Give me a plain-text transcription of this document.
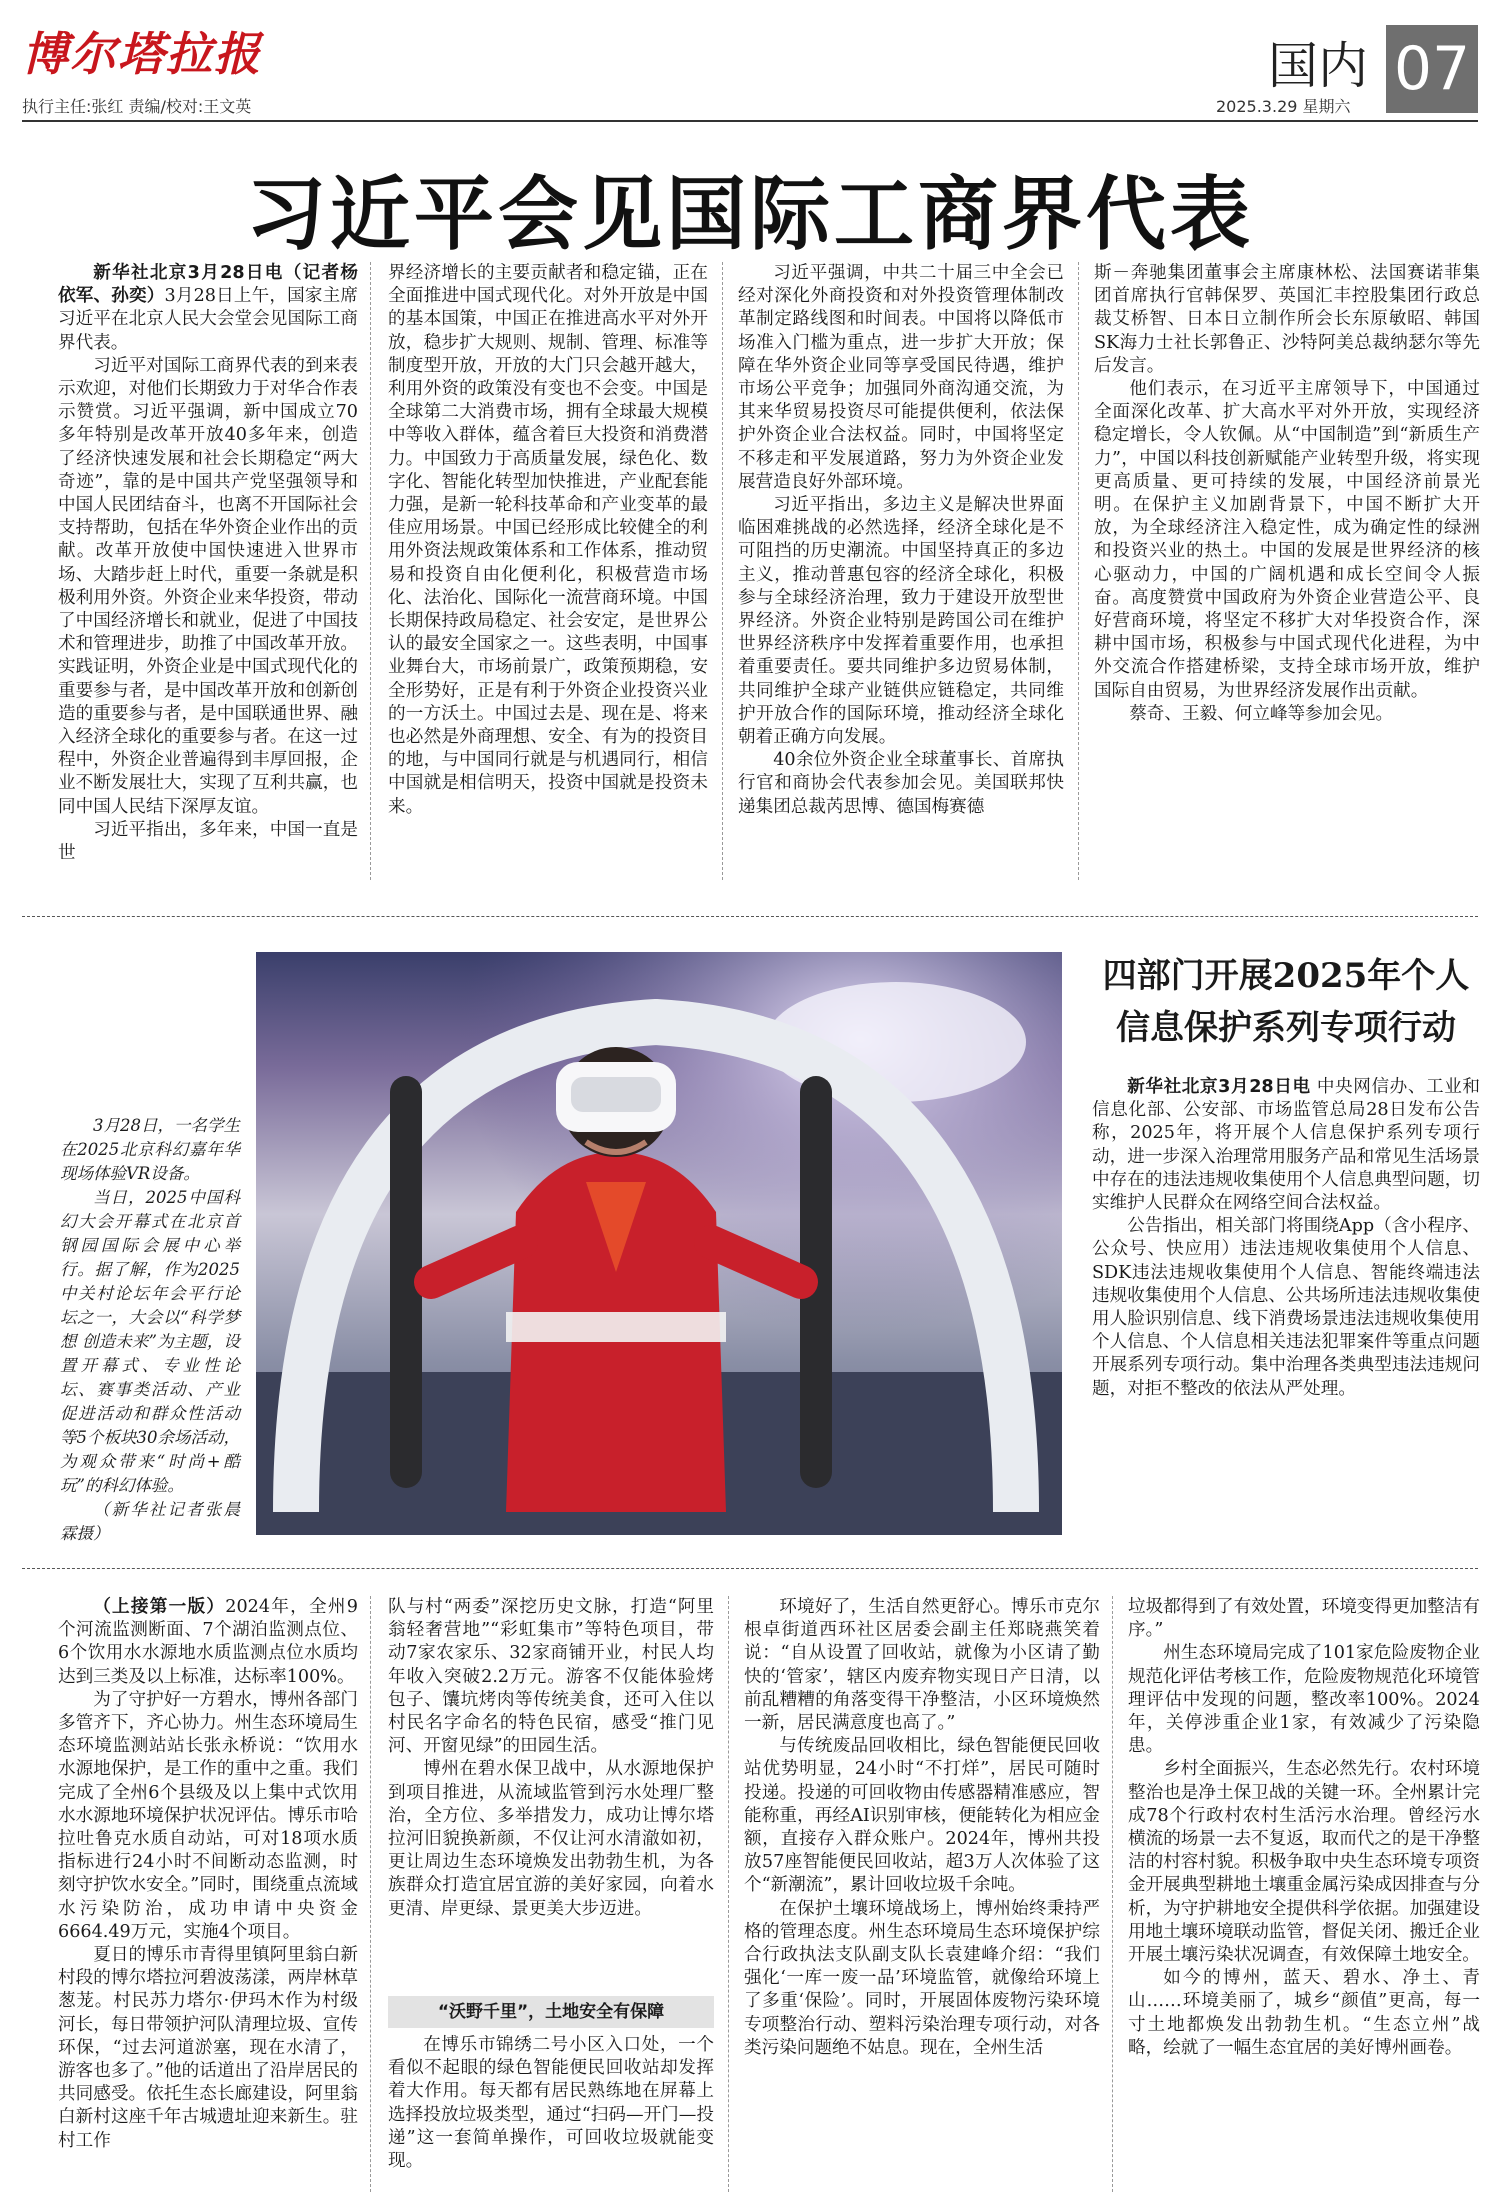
博尔塔拉报
执行主任:张红 责编/校对:王文英	2025.3.29 星期六
国内 07
习近平会见国际工商界代表

新华社北京3月28日电（记者杨依军、孙奕）3月28日上午，国家主席习近平在北京人民大会堂会见国际工商界代表。

习近平对国际工商界代表的到来表示欢迎，对他们长期致力于对华合作表示赞赏。习近平强调，新中国成立70多年特别是改革开放40多年来，创造了经济快速发展和社会长期稳定“两大奇迹”，靠的是中国共产党坚强领导和中国人民团结奋斗，也离不开国际社会支持帮助，包括在华外资企业作出的贡献。改革开放使中国快速进入世界市场、大踏步赶上时代，重要一条就是积极利用外资。外资企业来华投资，带动了中国经济增长和就业，促进了中国技术和管理进步，助推了中国改革开放。实践证明，外资企业是中国式现代化的重要参与者，是中国改革开放和创新创造的重要参与者，是中国联通世界、融入经济全球化的重要参与者。在这一过程中，外资企业普遍得到丰厚回报，企业不断发展壮大，实现了互利共赢，也同中国人民结下深厚友谊。

习近平指出，多年来，中国一直是世

界经济增长的主要贡献者和稳定锚，正在全面推进中国式现代化。对外开放是中国的基本国策，中国正在推进高水平对外开放，稳步扩大规则、规制、管理、标准等制度型开放，开放的大门只会越开越大，利用外资的政策没有变也不会变。中国是全球第二大消费市场，拥有全球最大规模中等收入群体，蕴含着巨大投资和消费潜力。中国致力于高质量发展，绿色化、数字化、智能化转型加快推进，产业配套能力强，是新一轮科技革命和产业变革的最佳应用场景。中国已经形成比较健全的利用外资法规政策体系和工作体系，推动贸易和投资自由化便利化，积极营造市场化、法治化、国际化一流营商环境。中国长期保持政局稳定、社会安定，是世界公认的最安全国家之一。这些表明，中国事业舞台大，市场前景广，政策预期稳，安全形势好，正是有利于外资企业投资兴业的一方沃土。中国过去是、现在是、将来也必然是外商理想、安全、有为的投资目的地，与中国同行就是与机遇同行，相信中国就是相信明天，投资中国就是投资未来。

习近平强调，中共二十届三中全会已经对深化外商投资和对外投资管理体制改革制定路线图和时间表。中国将以降低市场准入门槛为重点，进一步扩大开放；保障在华外资企业同等享受国民待遇，维护市场公平竞争；加强同外商沟通交流，为其来华贸易投资尽可能提供便利，依法保护外资企业合法权益。同时，中国将坚定不移走和平发展道路，努力为外资企业发展营造良好外部环境。

习近平指出，多边主义是解决世界面临困难挑战的必然选择，经济全球化是不可阻挡的历史潮流。中国坚持真正的多边主义，推动普惠包容的经济全球化，积极参与全球经济治理，致力于建设开放型世界经济。外资企业特别是跨国公司在维护世界经济秩序中发挥着重要作用，也承担着重要责任。要共同维护多边贸易体制，共同维护全球产业链供应链稳定，共同维护开放合作的国际环境，推动经济全球化朝着正确方向发展。

40余位外资企业全球董事长、首席执行官和商协会代表参加会见。美国联邦快递集团总裁芮思博、德国梅赛德

斯－奔驰集团董事会主席康林松、法国赛诺菲集团首席执行官韩保罗、英国汇丰控股集团行政总裁艾桥智、日本日立制作所会长东原敏昭、韩国SK海力士社长郭鲁正、沙特阿美总裁纳瑟尔等先后发言。

他们表示，在习近平主席领导下，中国通过全面深化改革、扩大高水平对外开放，实现经济稳定增长，令人钦佩。从“中国制造”到“新质生产力”，中国以科技创新赋能产业转型升级，将实现更高质量、更可持续的发展，中国经济前景光明。在保护主义加剧背景下，中国不断扩大开放，为全球经济注入稳定性，成为确定性的绿洲和投资兴业的热土。中国的发展是世界经济的核心驱动力，中国的广阔机遇和成长空间令人振奋。高度赞赏中国政府为外资企业营造公平、良好营商环境，将坚定不移扩大对华投资合作，深耕中国市场，积极参与中国式现代化进程，为中外交流合作搭建桥梁，支持全球市场开放，维护国际自由贸易，为世界经济发展作出贡献。

蔡奇、王毅、何立峰等参加会见。

3月28日，一名学生在2025北京科幻嘉年华现场体验VR设备。

当日，2025中国科幻大会开幕式在北京首钢园国际会展中心举行。据了解，作为2025中关村论坛年会平行论坛之一，大会以“科学梦想 创造未来”为主题，设置开幕式、专业性论坛、赛事类活动、产业促进活动和群众性活动等5个板块30余场活动，为观众带来“时尚+酷玩”的科幻体验。

（新华社记者张晨霖摄）

四部门开展2025年个人
信息保护系列专项行动

新华社北京3月28日电 中央网信办、工业和信息化部、公安部、市场监管总局28日发布公告称，2025年，将开展个人信息保护系列专项行动，进一步深入治理常用服务产品和常见生活场景中存在的违法违规收集使用个人信息典型问题，切实维护人民群众在网络空间合法权益。

公告指出，相关部门将围绕App（含小程序、公众号、快应用）违法违规收集使用个人信息、SDK违法违规收集使用个人信息、智能终端违法违规收集使用个人信息、公共场所违法违规收集使用人脸识别信息、线下消费场景违法违规收集使用个人信息、个人信息相关违法犯罪案件等重点问题开展系列专项行动。集中治理各类典型违法违规问题，对拒不整改的依法从严处理。

（上接第一版）2024年，全州9个河流监测断面、7个湖泊监测点位、6个饮用水水源地水质监测点位水质均达到三类及以上标准，达标率100%。

为了守护好一方碧水，博州各部门多管齐下，齐心协力。州生态环境局生态环境监测站站长张永桥说：“饮用水水源地保护，是工作的重中之重。我们完成了全州6个县级及以上集中式饮用水水源地环境保护状况评估。博乐市哈拉吐鲁克水质自动站，可对18项水质指标进行24小时不间断动态监测，时刻守护饮水安全。”同时，围绕重点流域水污染防治，成功申请中央资金6664.49万元，实施4个项目。

夏日的博乐市青得里镇阿里翁白新村段的博尔塔拉河碧波荡漾，两岸林草葱茏。村民苏力塔尔·伊玛木作为村级河长，每日带领护河队清理垃圾、宣传环保，“过去河道淤塞，现在水清了，游客也多了。”他的话道出了沿岸居民的共同感受。依托生态长廊建设，阿里翁白新村这座千年古城遗址迎来新生。驻村工作

队与村“两委”深挖历史文脉，打造“阿里翁轻奢营地”“彩虹集市”等特色项目，带动7家农家乐、32家商铺开业，村民人均年收入突破2.2万元。游客不仅能体验烤包子、馕坑烤肉等传统美食，还可入住以村民名字命名的特色民宿，感受“推门见河、开窗见绿”的田园生活。

博州在碧水保卫战中，从水源地保护到项目推进，从流域监管到污水处理厂整治，全方位、多举措发力，成功让博尔塔拉河旧貌换新颜，不仅让河水清澈如初，更让周边生态环境焕发出勃勃生机，为各族群众打造宜居宜游的美好家园，向着水更清、岸更绿、景更美大步迈进。

“沃野千里”，土地安全有保障

在博乐市锦绣二号小区入口处，一个看似不起眼的绿色智能便民回收站却发挥着大作用。每天都有居民熟练地在屏幕上选择投放垃圾类型，通过“扫码—开门—投递”这一套简单操作，可回收垃圾就能变现。

环境好了，生活自然更舒心。博乐市克尔根卓街道西环社区居委会副主任郑晓燕笑着说：“自从设置了回收站，就像为小区请了勤快的‘管家’，辖区内废弃物实现日产日清，以前乱糟糟的角落变得干净整洁，小区环境焕然一新，居民满意度也高了。”

与传统废品回收相比，绿色智能便民回收站优势明显，24小时“不打烊”，居民可随时投递。投递的可回收物由传感器精准感应，智能称重，再经AI识别审核，便能转化为相应金额，直接存入群众账户。2024年，博州共投放57座智能便民回收站，超3万人次体验了这个“新潮流”，累计回收垃圾千余吨。

在保护土壤环境战场上，博州始终秉持严格的管理态度。州生态环境局生态环境保护综合行政执法支队副支队长袁建峰介绍：“我们强化‘一库一废一品’环境监管，就像给环境上了多重‘保险’。同时，开展固体废物污染环境专项整治行动、塑料污染治理专项行动，对各类污染问题绝不姑息。现在，全州生活

垃圾都得到了有效处置，环境变得更加整洁有序。”

州生态环境局完成了101家危险废物企业规范化评估考核工作，危险废物规范化环境管理评估中发现的问题，整改率100%。2024年，关停涉重企业1家，有效减少了污染隐患。

乡村全面振兴，生态必然先行。农村环境整治也是净土保卫战的关键一环。全州累计完成78个行政村农村生活污水治理。曾经污水横流的场景一去不复返，取而代之的是干净整洁的村容村貌。积极争取中央生态环境专项资金开展典型耕地土壤重金属污染成因排查与分析，为守护耕地安全提供科学依据。加强建设用地土壤环境联动监管，督促关闭、搬迁企业开展土壤污染状况调查，有效保障土地安全。

如今的博州，蓝天、碧水、净土、青山……环境美丽了，城乡“颜值”更高，每一寸土地都焕发出勃勃生机。“生态立州”战略，绘就了一幅生态宜居的美好博州画卷。
